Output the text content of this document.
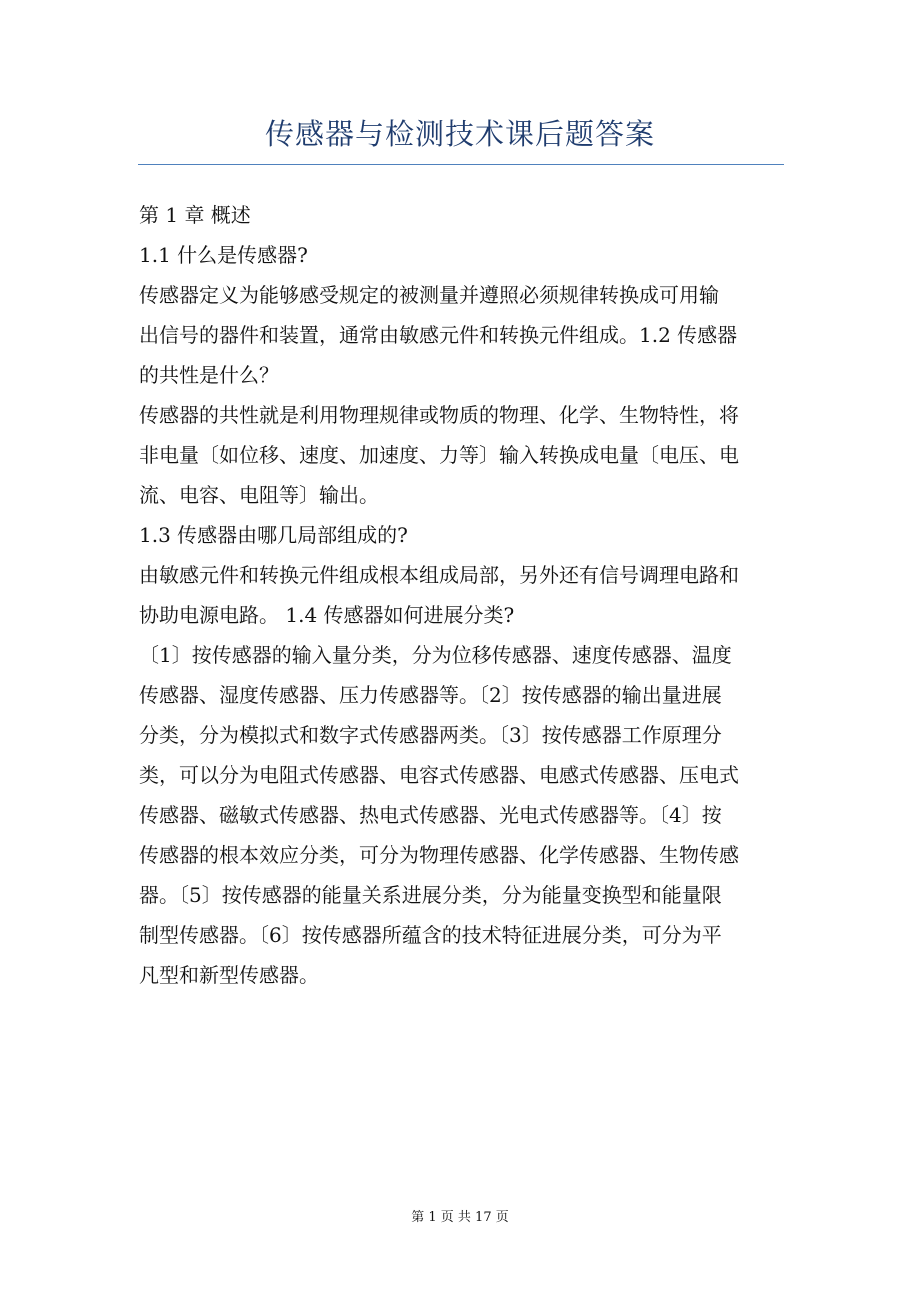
传感器与检测技术课后题答案

第 1 章 概述

1.1 什么是传感器?

传感器定义为能够感受规定的被测量并遵照必须规律转换成可用输

出信号的器件和装置，通常由敏感元件和转换元件组成。1.2 传感器

的共性是什么？

传感器的共性就是利用物理规律或物质的物理、化学、生物特性，将

非电量〔如位移、速度、加速度、力等〕输入转换成电量〔电压、电

流、电容、电阻等〕输出。

1.3 传感器由哪几局部组成的?

由敏感元件和转换元件组成根本组成局部，另外还有信号调理电路和

协助电源电路。 1.4 传感器如何进展分类?

〔1〕按传感器的输入量分类，分为位移传感器、速度传感器、温度

传感器、湿度传感器、压力传感器等。〔2〕按传感器的输出量进展

分类，分为模拟式和数字式传感器两类。〔3〕按传感器工作原理分

类，可以分为电阻式传感器、电容式传感器、电感式传感器、压电式

传感器、磁敏式传感器、热电式传感器、光电式传感器等。〔4〕按

传感器的根本效应分类，可分为物理传感器、化学传感器、生物传感

器。〔5〕按传感器的能量关系进展分类，分为能量变换型和能量限

制型传感器。〔6〕按传感器所蕴含的技术特征进展分类，可分为平

凡型和新型传感器。

第 1 页 共 17 页
